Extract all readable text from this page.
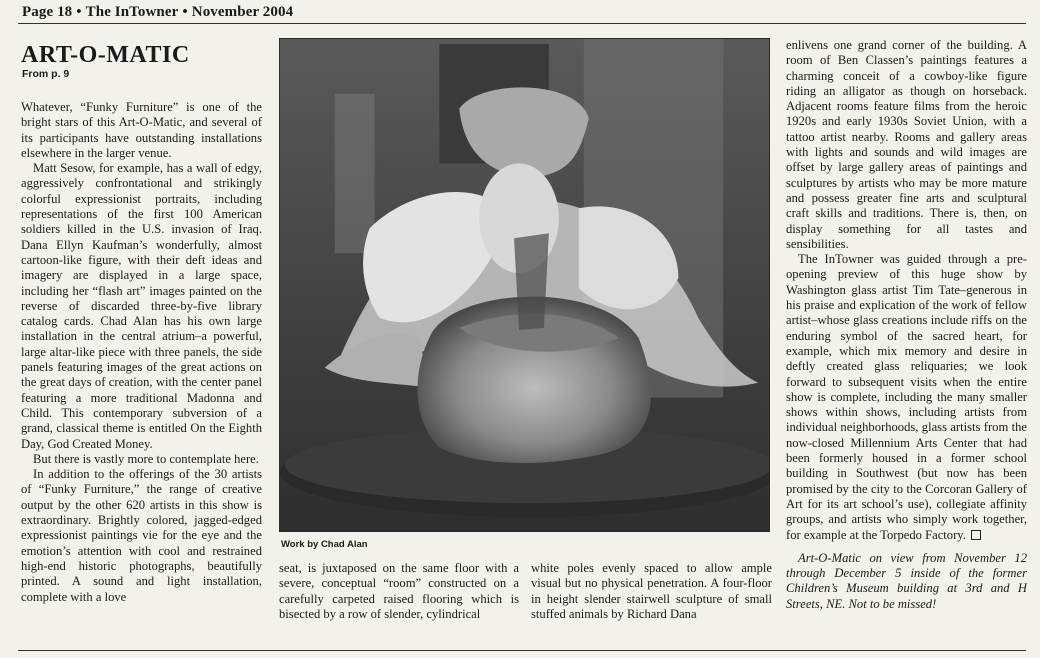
Page 18 • The InTowner • November 2004
ART-O-MATIC
From p. 9

Whatever, “Funky Furniture” is one of the bright stars of this Art-O-Matic, and several of its participants have outstanding installations elsewhere in the larger venue.

Matt Sesow, for example, has a wall of edgy, aggressively confrontational and strikingly colorful expressionist portraits, including representations of the first 100 American soldiers killed in the U.S. invasion of Iraq. Dana Ellyn Kaufman’s wonderfully, almost cartoon-like figure, with their deft ideas and imagery are displayed in a large space, including her “flash art” images painted on the reverse of discarded three-by-five library catalog cards. Chad Alan has his own large installation in the central atrium–a powerful, large altar-like piece with three panels, the side panels featuring images of the great actions on the great days of creation, with the center panel featuring a more traditional Madonna and Child. This contemporary subversion of a grand, classical theme is entitled On the Eighth Day, God Created Money.

But there is vastly more to contemplate here.

In addition to the offerings of the 30 artists of “Funky Furniture,” the range of creative output by the other 620 artists in this show is extraordinary. Brightly colored, jagged-edged expressionist paintings vie for the eye and the emotion’s attention with cool and restrained high-end historic photographs, beautifully printed. A sound and light installation, complete with a love

Work by Chad Alan

seat, is juxtaposed on the same floor with a severe, conceptual “room” constructed on a carefully carpeted raised flooring which is bisected by a row of slender, cylindrical

white poles evenly spaced to allow ample visual but no physical penetration. A four-floor in height slender stairwell sculpture of small stuffed animals by Richard Dana

enlivens one grand corner of the building. A room of Ben Classen’s paintings features a charming conceit of a cowboy-like figure riding an alligator as though on horseback. Adjacent rooms feature films from the heroic 1920s and early 1930s Soviet Union, with a tattoo artist nearby. Rooms and gallery areas with lights and sounds and wild images are offset by large gallery areas of paintings and sculptures by artists who may be more mature and possess greater fine arts and sculptural craft skills and traditions. There is, then, on display something for all tastes and sensibilities.

The InTowner was guided through a pre-opening preview of this huge show by Washington glass artist Tim Tate–generous in his praise and explication of the work of fellow artist–whose glass creations include riffs on the enduring symbol of the sacred heart, for example, which mix memory and desire in deftly created glass reliquaries; we look forward to subsequent visits when the entire show is complete, including the many smaller shows within shows, including artists from individual neighborhoods, glass artists from the now-closed Millennium Arts Center that had been formerly housed in a former school building in Southwest (but now has been promised by the city to the Corcoran Gallery of Art for its art school’s use), collegiate affinity groups, and artists who simply work together, for example at the Torpedo Factory.

Art-O-Matic on view from November 12 through December 5 inside of the former Children’s Museum building at 3rd and H Streets, NE. Not to be missed!
